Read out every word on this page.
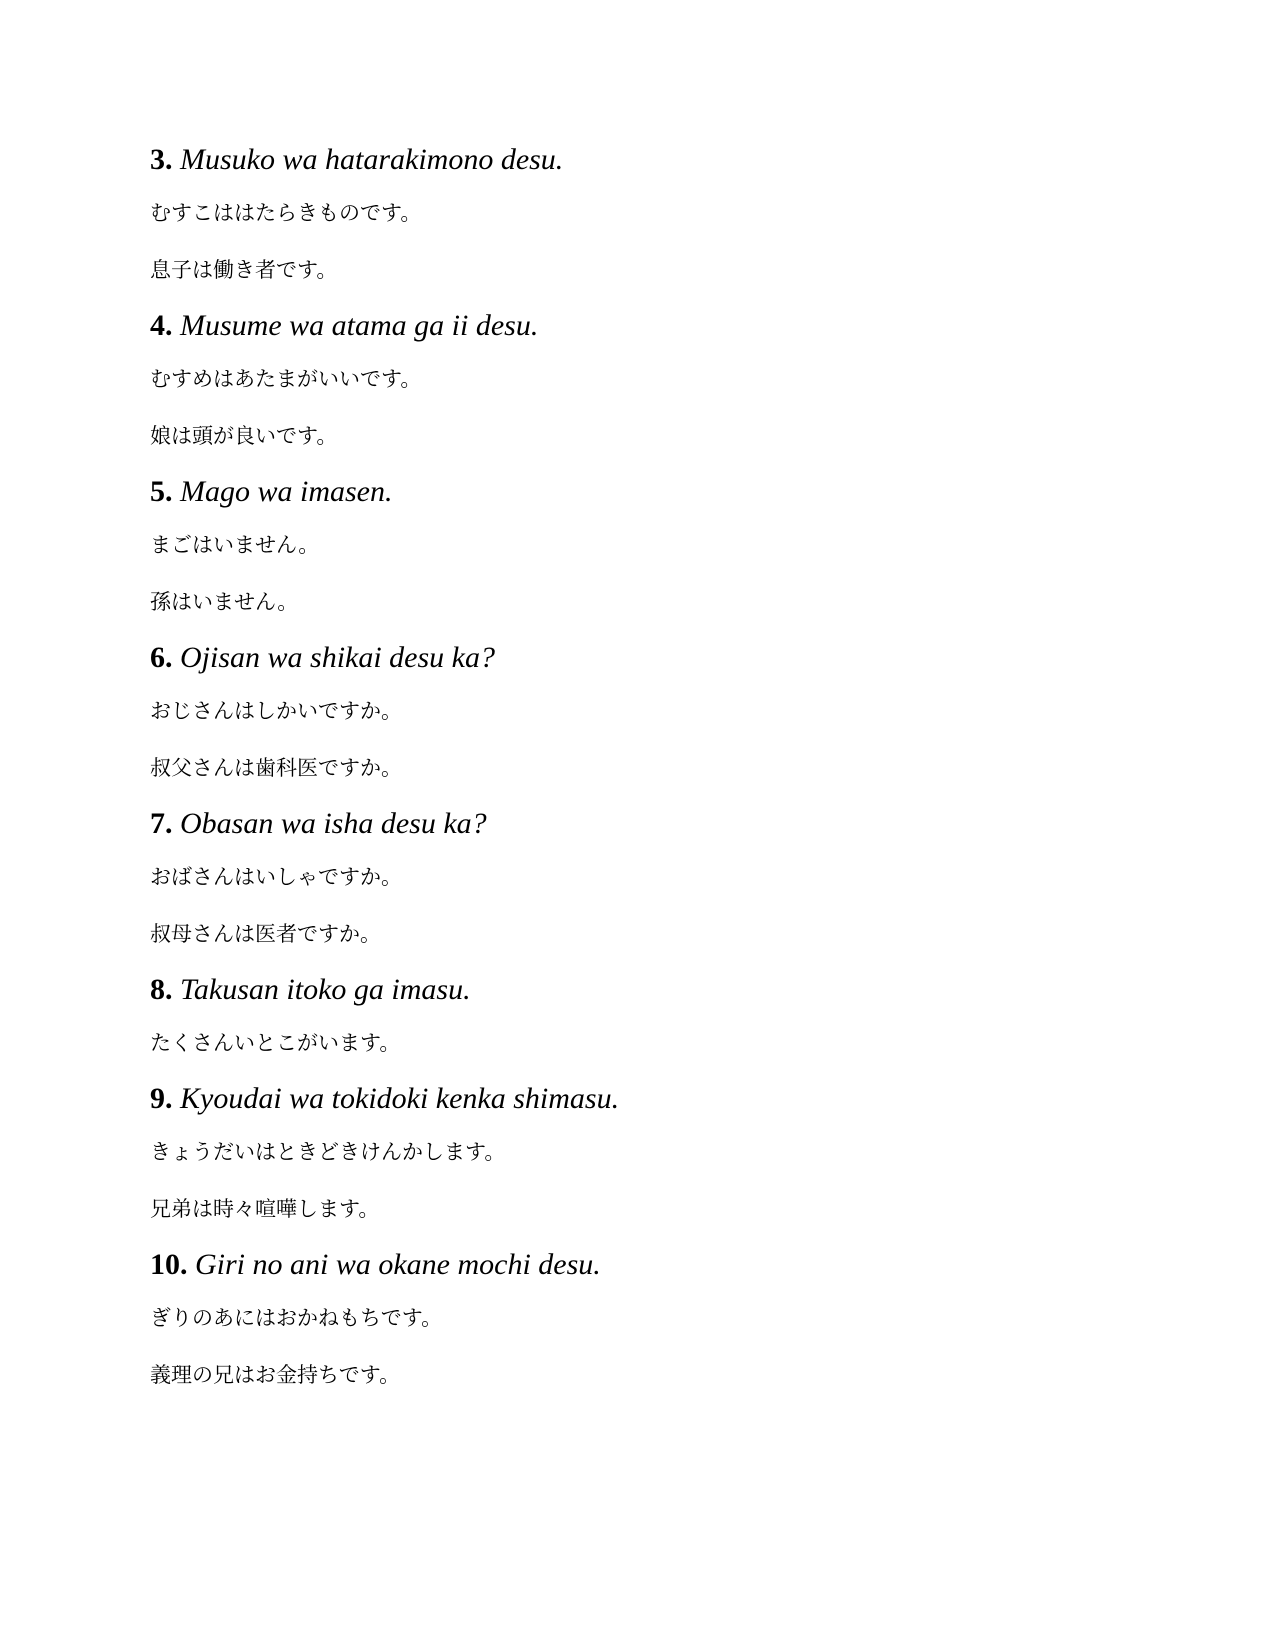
3. Musuko wa hatarakimono desu.

むすこははたらきものです。

息子は働き者です。

4. Musume wa atama ga ii desu.

むすめはあたまがいいです。

娘は頭が良いです。

5. Mago wa imasen.

まごはいません。

孫はいません。

6. Ojisan wa shikai desu ka?

おじさんはしかいですか。

叔父さんは歯科医ですか。

7. Obasan wa isha desu ka?

おばさんはいしゃですか。

叔母さんは医者ですか。

8. Takusan itoko ga imasu.

たくさんいとこがいます。

9. Kyoudai wa tokidoki kenka shimasu.

きょうだいはときどきけんかします。

兄弟は時々喧嘩します。

10. Giri no ani wa okane mochi desu.

ぎりのあにはおかねもちです。

義理の兄はお金持ちです。
